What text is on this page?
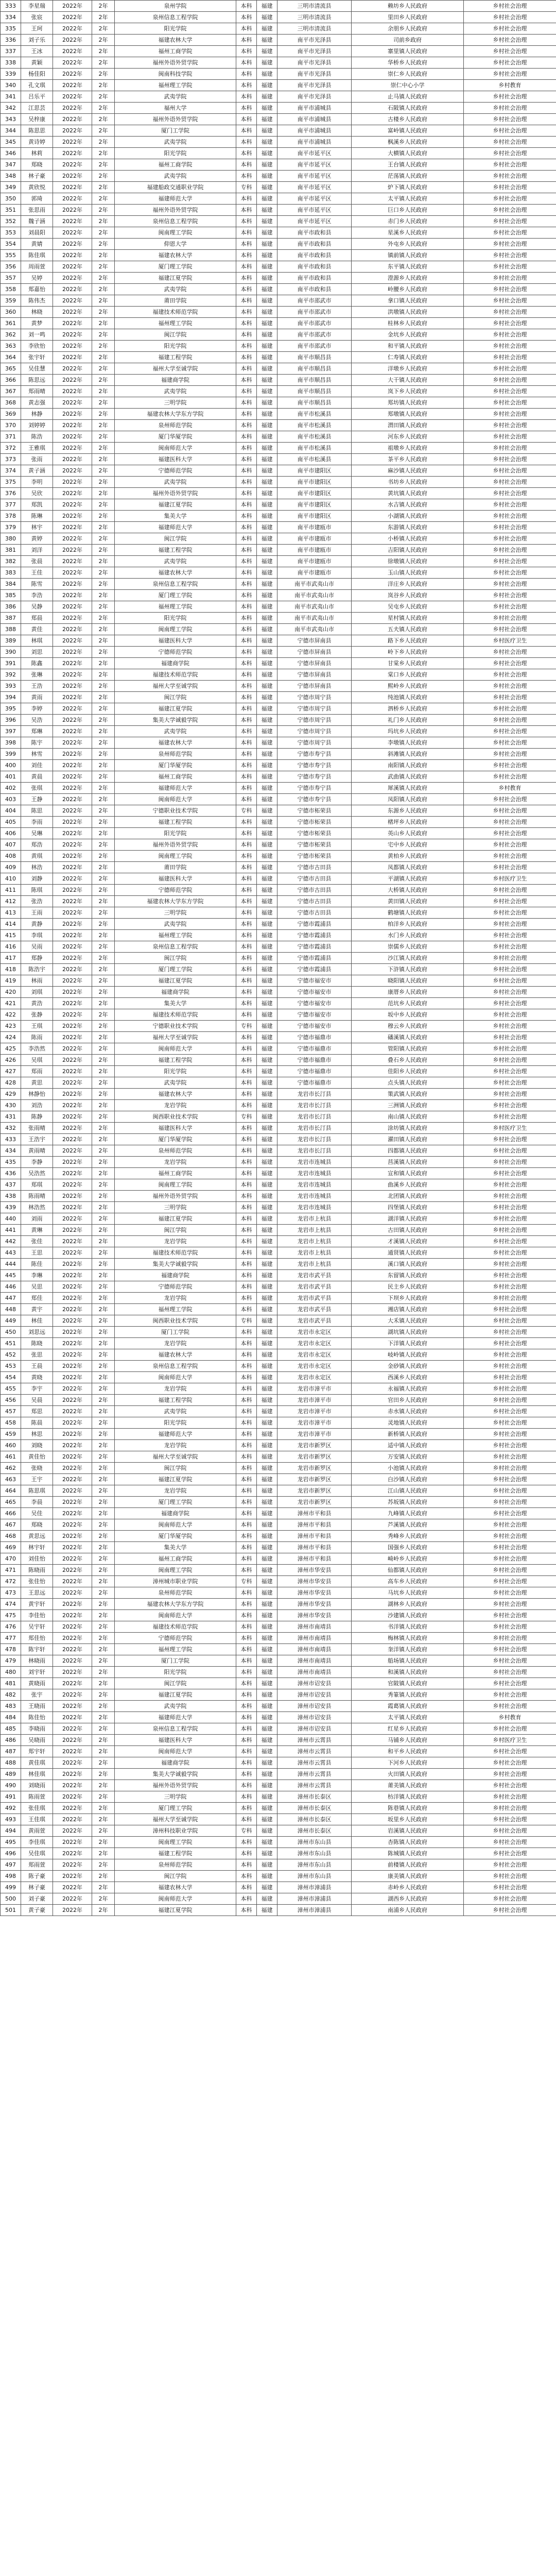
333	李星瑞	2022年	2年	泉州学院	本科	福建	三明市清流县	赖坊乡人民政府	乡村社会治理
334	张宸	2022年	2年	泉州信息工程学院	本科	福建	三明市清流县	里田乡人民政府	乡村社会治理
335	王珂	2022年	2年	阳光学院	本科	福建	三明市清流县	余朋乡人民政府	乡村社会治理
336	刘子乐	2022年	2年	福建农林大学	本科	福建	南平市光泽县	司前乡政府	乡村社会治理
337	王冰	2022年	2年	福州工商学院	本科	福建	南平市光泽县	寨里镇人民政府	乡村社会治理
338	黄颖	2022年	2年	福州外语外贸学院	本科	福建	南平市光泽县	华桥乡人民政府	乡村社会治理
339	杨佳阳	2022年	2年	闽南科技学院	本科	福建	南平市光泽县	崇仁乡人民政府	乡村社会治理
340	孔文琪	2022年	2年	福州理工学院	本科	福建	南平市光泽县	崇仁中心小学	乡村教育
341	吕乐平	2022年	2年	武夷学院	本科	福建	南平市光泽县	止马镇人民政府	乡村社会治理
342	江思芸	2022年	2年	福州大学	本科	福建	南平市浦城县	石陂镇人民政府	乡村社会治理
343	吴梓康	2022年	2年	福州外语外贸学院	本科	福建	南平市浦城县	古楼乡人民政府	乡村社会治理
344	陈思思	2022年	2年	厦门工学院	本科	福建	南平市浦城县	富岭镇人民政府	乡村社会治理
345	黄诗婷	2022年	2年	武夷学院	本科	福建	南平市浦城县	枫溪乡人民政府	乡村社会治理
346	林莉	2022年	2年	阳光学院	本科	福建	南平市延平区	大横镇人民政府	乡村社会治理
347	郑晓	2022年	2年	福州工商学院	本科	福建	南平市延平区	王台镇人民政府	乡村社会治理
348	林子豪	2022年	2年	武夷学院	本科	福建	南平市延平区	茫荡镇人民政府	乡村社会治理
349	黄欣悦	2022年	2年	福建船政交通职业学院	专科	福建	南平市延平区	炉下镇人民政府	乡村社会治理
350	郭琦	2022年	2年	福建师范大学	本科	福建	南平市延平区	太平镇人民政府	乡村社会治理
351	张思雨	2022年	2年	福州外语外贸学院	本科	福建	南平市延平区	巨口乡人民政府	乡村社会治理
352	魏子涵	2022年	2年	泉州信息工程学院	本科	福建	南平市延平区	赤门乡人民政府	乡村社会治理
353	刘晨阳	2022年	2年	闽南理工学院	本科	福建	南平市政和县	星溪乡人民政府	乡村社会治理
354	黄婧	2022年	2年	仰恩大学	本科	福建	南平市政和县	外屯乡人民政府	乡村社会治理
355	陈佳琪	2022年	2年	福建农林大学	本科	福建	南平市政和县	镇前镇人民政府	乡村社会治理
356	周雨萱	2022年	2年	厦门理工学院	本科	福建	南平市政和县	东平镇人民政府	乡村社会治理
357	吴婷	2022年	2年	福建江夏学院	本科	福建	南平市政和县	澄源乡人民政府	乡村社会治理
358	郑嘉怡	2022年	2年	武夷学院	本科	福建	南平市政和县	岭腰乡人民政府	乡村社会治理
359	陈伟杰	2022年	2年	莆田学院	本科	福建	南平市邵武市	拿口镇人民政府	乡村社会治理
360	林晓	2022年	2年	福建技术师范学院	本科	福建	南平市邵武市	洪墩镇人民政府	乡村社会治理
361	黄梦	2022年	2年	福州理工学院	本科	福建	南平市邵武市	桂林乡人民政府	乡村社会治理
362	刘一鸣	2022年	2年	闽江学院	本科	福建	南平市邵武市	金坑乡人民政府	乡村社会治理
363	李欣怡	2022年	2年	阳光学院	本科	福建	南平市邵武市	和平镇人民政府	乡村社会治理
364	张宇轩	2022年	2年	福建工程学院	本科	福建	南平市顺昌县	仁寿镇人民政府	乡村社会治理
365	吴佳慧	2022年	2年	福州大学至诚学院	本科	福建	南平市顺昌县	洋墩乡人民政府	乡村社会治理
366	陈思远	2022年	2年	福建商学院	本科	福建	南平市顺昌县	大干镇人民政府	乡村社会治理
367	郑雨晴	2022年	2年	武夷学院	本科	福建	南平市顺昌县	岚下乡人民政府	乡村社会治理
368	黄志强	2022年	2年	三明学院	本科	福建	南平市顺昌县	郑坊镇人民政府	乡村社会治理
369	林静	2022年	2年	福建农林大学东方学院	本科	福建	南平市松溪县	郑墩镇人民政府	乡村社会治理
370	刘婷婷	2022年	2年	泉州师范学院	本科	福建	南平市松溪县	渭田镇人民政府	乡村社会治理
371	陈浩	2022年	2年	厦门华厦学院	本科	福建	南平市松溪县	河东乡人民政府	乡村社会治理
372	王雅琪	2022年	2年	闽南师范大学	本科	福建	南平市松溪县	祖墩乡人民政府	乡村社会治理
373	张雨	2022年	2年	福建医科大学	本科	福建	南平市松溪县	茶平乡人民政府	乡村社会治理
374	黄子涵	2022年	2年	宁德师范学院	本科	福建	南平市建阳区	麻沙镇人民政府	乡村社会治理
375	李明	2022年	2年	武夷学院	本科	福建	南平市建阳区	书坊乡人民政府	乡村社会治理
376	吴欣	2022年	2年	福州外语外贸学院	本科	福建	南平市建阳区	黄坑镇人民政府	乡村社会治理
377	郑凯	2022年	2年	福建江夏学院	本科	福建	南平市建阳区	水吉镇人民政府	乡村社会治理
378	陈琳	2022年	2年	集美大学	本科	福建	南平市建阳区	小湖镇人民政府	乡村社会治理
379	林宇	2022年	2年	福建师范大学	本科	福建	南平市建瓯市	东游镇人民政府	乡村社会治理
380	黄婷	2022年	2年	闽江学院	本科	福建	南平市建瓯市	小桥镇人民政府	乡村社会治理
381	刘洋	2022年	2年	福建工程学院	本科	福建	南平市建瓯市	吉阳镇人民政府	乡村社会治理
382	张晨	2022年	2年	武夷学院	本科	福建	南平市建瓯市	徐墩镇人民政府	乡村社会治理
383	王佳	2022年	2年	福建农林大学	本科	福建	南平市建瓯市	玉山镇人民政府	乡村社会治理
384	陈雪	2022年	2年	泉州信息工程学院	本科	福建	南平市武夷山市	洋庄乡人民政府	乡村社会治理
385	李浩	2022年	2年	厦门理工学院	本科	福建	南平市武夷山市	岚谷乡人民政府	乡村社会治理
386	吴静	2022年	2年	福州理工学院	本科	福建	南平市武夷山市	吴屯乡人民政府	乡村社会治理
387	郑晨	2022年	2年	阳光学院	本科	福建	南平市武夷山市	星村镇人民政府	乡村社会治理
388	黄佳	2022年	2年	闽南理工学院	本科	福建	南平市武夷山市	五夫镇人民政府	乡村社会治理
389	林琪	2022年	2年	福建医科大学	本科	福建	宁德市屏南县	路下乡人民政府	乡村医疗卫生
390	刘思	2022年	2年	宁德师范学院	本科	福建	宁德市屏南县	岭下乡人民政府	乡村社会治理
391	陈鑫	2022年	2年	福建商学院	本科	福建	宁德市屏南县	甘棠乡人民政府	乡村社会治理
392	张琳	2022年	2年	福建技术师范学院	本科	福建	宁德市屏南县	棠口乡人民政府	乡村社会治理
393	王浩	2022年	2年	福州大学至诚学院	本科	福建	宁德市屏南县	熙岭乡人民政府	乡村社会治理
394	黄雨	2022年	2年	闽江学院	本科	福建	宁德市周宁县	纯池镇人民政府	乡村社会治理
395	李婷	2022年	2年	福建江夏学院	本科	福建	宁德市周宁县	泗桥乡人民政府	乡村社会治理
396	吴浩	2022年	2年	集美大学诚毅学院	本科	福建	宁德市周宁县	礼门乡人民政府	乡村社会治理
397	郑琳	2022年	2年	武夷学院	本科	福建	宁德市周宁县	玛坑乡人民政府	乡村社会治理
398	陈宇	2022年	2年	福建农林大学	本科	福建	宁德市周宁县	李墩镇人民政府	乡村社会治理
399	林雪	2022年	2年	泉州师范学院	本科	福建	宁德市寿宁县	斜滩镇人民政府	乡村社会治理
400	刘佳	2022年	2年	厦门华厦学院	本科	福建	宁德市寿宁县	南阳镇人民政府	乡村社会治理
401	黄晨	2022年	2年	福州工商学院	本科	福建	宁德市寿宁县	武曲镇人民政府	乡村社会治理
402	张琪	2022年	2年	福建师范大学	本科	福建	宁德市寿宁县	犀溪镇人民政府	乡村教育
403	王静	2022年	2年	闽南师范大学	本科	福建	宁德市寿宁县	凤阳镇人民政府	乡村社会治理
404	陈思	2022年	2年	宁德职业技术学院	专科	福建	宁德市柘荣县	东源乡人民政府	乡村社会治理
405	李雨	2022年	2年	福建工程学院	本科	福建	宁德市柘荣县	楮坪乡人民政府	乡村社会治理
406	吴琳	2022年	2年	阳光学院	本科	福建	宁德市柘荣县	英山乡人民政府	乡村社会治理
407	郑浩	2022年	2年	福州外语外贸学院	本科	福建	宁德市柘荣县	宅中乡人民政府	乡村社会治理
408	黄琪	2022年	2年	闽南理工学院	本科	福建	宁德市柘荣县	黄柏乡人民政府	乡村社会治理
409	林浩	2022年	2年	莆田学院	本科	福建	宁德市古田县	凤都镇人民政府	乡村社会治理
410	刘静	2022年	2年	福建医科大学	本科	福建	宁德市古田县	平湖镇人民政府	乡村医疗卫生
411	陈琪	2022年	2年	宁德师范学院	本科	福建	宁德市古田县	大桥镇人民政府	乡村社会治理
412	张浩	2022年	2年	福建农林大学东方学院	本科	福建	宁德市古田县	黄田镇人民政府	乡村社会治理
413	王雨	2022年	2年	三明学院	本科	福建	宁德市古田县	鹤塘镇人民政府	乡村社会治理
414	黄静	2022年	2年	武夷学院	本科	福建	宁德市霞浦县	柏洋乡人民政府	乡村社会治理
415	李琪	2022年	2年	福州理工学院	本科	福建	宁德市霞浦县	水门乡人民政府	乡村社会治理
416	吴雨	2022年	2年	泉州信息工程学院	本科	福建	宁德市霞浦县	崇儒乡人民政府	乡村社会治理
417	郑静	2022年	2年	闽江学院	本科	福建	宁德市霞浦县	沙江镇人民政府	乡村社会治理
418	陈浩宇	2022年	2年	厦门理工学院	本科	福建	宁德市霞浦县	下浒镇人民政府	乡村社会治理
419	林雨	2022年	2年	福建江夏学院	本科	福建	宁德市福安市	晓阳镇人民政府	乡村社会治理
420	刘琪	2022年	2年	福建商学院	本科	福建	宁德市福安市	康厝乡人民政府	乡村社会治理
421	黄浩	2022年	2年	集美大学	本科	福建	宁德市福安市	范坑乡人民政府	乡村社会治理
422	张静	2022年	2年	福建技术师范学院	本科	福建	宁德市福安市	坂中乡人民政府	乡村社会治理
423	王琪	2022年	2年	宁德职业技术学院	专科	福建	宁德市福安市	穆云乡人民政府	乡村社会治理
424	陈雨	2022年	2年	福州大学至诚学院	本科	福建	宁德市福鼎市	磻溪镇人民政府	乡村社会治理
425	李浩然	2022年	2年	闽南师范大学	本科	福建	宁德市福鼎市	管阳镇人民政府	乡村社会治理
426	吴琪	2022年	2年	福建工程学院	本科	福建	宁德市福鼎市	叠石乡人民政府	乡村社会治理
427	郑雨	2022年	2年	阳光学院	本科	福建	宁德市福鼎市	佳阳乡人民政府	乡村社会治理
428	黄思	2022年	2年	武夷学院	本科	福建	宁德市福鼎市	点头镇人民政府	乡村社会治理
429	林静怡	2022年	2年	福建农林大学	本科	福建	龙岩市长汀县	策武镇人民政府	乡村社会治理
430	刘浩	2022年	2年	龙岩学院	本科	福建	龙岩市长汀县	三洲镇人民政府	乡村社会治理
431	陈静	2022年	2年	闽西职业技术学院	专科	福建	龙岩市长汀县	南山镇人民政府	乡村社会治理
432	张雨晴	2022年	2年	福建医科大学	本科	福建	龙岩市长汀县	涂坊镇人民政府	乡村医疗卫生
433	王浩宇	2022年	2年	厦门华厦学院	本科	福建	龙岩市长汀县	濯田镇人民政府	乡村社会治理
434	黄雨晴	2022年	2年	泉州师范学院	本科	福建	龙岩市长汀县	四都镇人民政府	乡村社会治理
435	李静	2022年	2年	龙岩学院	本科	福建	龙岩市连城县	莒溪镇人民政府	乡村社会治理
436	吴浩然	2022年	2年	福州工商学院	本科	福建	龙岩市连城县	宣和镇人民政府	乡村社会治理
437	郑琪	2022年	2年	闽南理工学院	本科	福建	龙岩市连城县	曲溪乡人民政府	乡村社会治理
438	陈雨晴	2022年	2年	福州外语外贸学院	本科	福建	龙岩市连城县	北团镇人民政府	乡村社会治理
439	林浩然	2022年	2年	三明学院	本科	福建	龙岩市连城县	四堡镇人民政府	乡村社会治理
440	刘雨	2022年	2年	福建江夏学院	本科	福建	龙岩市上杭县	湖洋镇人民政府	乡村社会治理
441	黄琳	2022年	2年	闽江学院	本科	福建	龙岩市上杭县	古田镇人民政府	乡村社会治理
442	张佳	2022年	2年	龙岩学院	本科	福建	龙岩市上杭县	才溪镇人民政府	乡村社会治理
443	王思	2022年	2年	福建技术师范学院	本科	福建	龙岩市上杭县	通贤镇人民政府	乡村社会治理
444	陈佳	2022年	2年	集美大学诚毅学院	本科	福建	龙岩市上杭县	溪口镇人民政府	乡村社会治理
445	李琳	2022年	2年	福建商学院	本科	福建	龙岩市武平县	东留镇人民政府	乡村社会治理
446	吴思	2022年	2年	宁德师范学院	本科	福建	龙岩市武平县	民主乡人民政府	乡村社会治理
447	郑佳	2022年	2年	龙岩学院	本科	福建	龙岩市武平县	下坝乡人民政府	乡村社会治理
448	黄宇	2022年	2年	福州理工学院	本科	福建	龙岩市武平县	湘店镇人民政府	乡村社会治理
449	林佳	2022年	2年	闽西职业技术学院	专科	福建	龙岩市武平县	大禾镇人民政府	乡村社会治理
450	刘思远	2022年	2年	厦门工学院	本科	福建	龙岩市永定区	湖坑镇人民政府	乡村社会治理
451	陈晓	2022年	2年	龙岩学院	本科	福建	龙岩市永定区	下洋镇人民政府	乡村社会治理
452	张思	2022年	2年	福建农林大学	本科	福建	龙岩市永定区	岐岭镇人民政府	乡村社会治理
453	王晨	2022年	2年	泉州信息工程学院	本科	福建	龙岩市永定区	金砂镇人民政府	乡村社会治理
454	黄晓	2022年	2年	闽南师范大学	本科	福建	龙岩市永定区	西溪乡人民政府	乡村社会治理
455	李宇	2022年	2年	龙岩学院	本科	福建	龙岩市漳平市	永福镇人民政府	乡村社会治理
456	吴晨	2022年	2年	福建工程学院	本科	福建	龙岩市漳平市	官田乡人民政府	乡村社会治理
457	郑思	2022年	2年	武夷学院	本科	福建	龙岩市漳平市	赤水镇人民政府	乡村社会治理
458	陈晨	2022年	2年	阳光学院	本科	福建	龙岩市漳平市	灵地镇人民政府	乡村社会治理
459	林思	2022年	2年	福建师范大学	本科	福建	龙岩市漳平市	新桥镇人民政府	乡村社会治理
460	刘晓	2022年	2年	龙岩学院	本科	福建	龙岩市新罗区	适中镇人民政府	乡村社会治理
461	黄佳怡	2022年	2年	福州大学至诚学院	本科	福建	龙岩市新罗区	万安镇人民政府	乡村社会治理
462	张晓	2022年	2年	闽江学院	本科	福建	龙岩市新罗区	小池镇人民政府	乡村社会治理
463	王宇	2022年	2年	福建江夏学院	本科	福建	龙岩市新罗区	白沙镇人民政府	乡村社会治理
464	陈思琪	2022年	2年	龙岩学院	本科	福建	龙岩市新罗区	江山镇人民政府	乡村社会治理
465	李晨	2022年	2年	厦门理工学院	本科	福建	龙岩市新罗区	苏坂镇人民政府	乡村社会治理
466	吴佳	2022年	2年	福建商学院	本科	福建	漳州市平和县	九峰镇人民政府	乡村社会治理
467	郑晓	2022年	2年	闽南师范大学	本科	福建	漳州市平和县	芦溪镇人民政府	乡村社会治理
468	黄思远	2022年	2年	厦门华厦学院	本科	福建	漳州市平和县	秀峰乡人民政府	乡村社会治理
469	林宇轩	2022年	2年	集美大学	本科	福建	漳州市平和县	国强乡人民政府	乡村社会治理
470	刘佳怡	2022年	2年	福州工商学院	本科	福建	漳州市平和县	崎岭乡人民政府	乡村社会治理
471	陈晓雨	2022年	2年	闽南理工学院	本科	福建	漳州市华安县	仙都镇人民政府	乡村社会治理
472	张佳怡	2022年	2年	漳州城市职业学院	专科	福建	漳州市华安县	高车乡人民政府	乡村社会治理
473	王思远	2022年	2年	泉州师范学院	本科	福建	漳州市华安县	马坑乡人民政府	乡村社会治理
474	黄宇轩	2022年	2年	福建农林大学东方学院	本科	福建	漳州市华安县	湖林乡人民政府	乡村社会治理
475	李佳怡	2022年	2年	闽南师范大学	本科	福建	漳州市华安县	沙建镇人民政府	乡村社会治理
476	吴宇轩	2022年	2年	福建技术师范学院	本科	福建	漳州市南靖县	书洋镇人民政府	乡村社会治理
477	郑佳怡	2022年	2年	宁德师范学院	本科	福建	漳州市南靖县	梅林镇人民政府	乡村社会治理
478	陈宇轩	2022年	2年	福州理工学院	本科	福建	漳州市南靖县	奎洋镇人民政府	乡村社会治理
479	林晓雨	2022年	2年	厦门工学院	本科	福建	漳州市南靖县	船场镇人民政府	乡村社会治理
480	刘宇轩	2022年	2年	阳光学院	本科	福建	漳州市南靖县	和溪镇人民政府	乡村社会治理
481	黄晓雨	2022年	2年	闽江学院	本科	福建	漳州市诏安县	官陂镇人民政府	乡村社会治理
482	张宇	2022年	2年	福建江夏学院	本科	福建	漳州市诏安县	秀篆镇人民政府	乡村社会治理
483	王晓雨	2022年	2年	武夷学院	本科	福建	漳州市诏安县	霞葛镇人民政府	乡村社会治理
484	陈佳怡	2022年	2年	福建师范大学	本科	福建	漳州市诏安县	太平镇人民政府	乡村教育
485	李晓雨	2022年	2年	泉州信息工程学院	本科	福建	漳州市诏安县	红星乡人民政府	乡村社会治理
486	吴晓雨	2022年	2年	福建医科大学	本科	福建	漳州市云霄县	马铺乡人民政府	乡村医疗卫生
487	郑宇轩	2022年	2年	闽南师范大学	本科	福建	漳州市云霄县	和平乡人民政府	乡村社会治理
488	黄佳琪	2022年	2年	福建商学院	本科	福建	漳州市云霄县	下河乡人民政府	乡村社会治理
489	林佳琪	2022年	2年	集美大学诚毅学院	本科	福建	漳州市云霄县	火田镇人民政府	乡村社会治理
490	刘晓雨	2022年	2年	福州外语外贸学院	本科	福建	漳州市云霄县	莆美镇人民政府	乡村社会治理
491	陈雨萱	2022年	2年	三明学院	本科	福建	漳州市长泰区	枋洋镇人民政府	乡村社会治理
492	张佳琪	2022年	2年	厦门理工学院	本科	福建	漳州市长泰区	陈巷镇人民政府	乡村社会治理
493	王佳琪	2022年	2年	福州大学至诚学院	本科	福建	漳州市长泰区	坂里乡人民政府	乡村社会治理
494	黄雨萱	2022年	2年	漳州科技职业学院	专科	福建	漳州市长泰区	岩溪镇人民政府	乡村社会治理
495	李佳琪	2022年	2年	闽南理工学院	本科	福建	漳州市东山县	杏陈镇人民政府	乡村社会治理
496	吴佳琪	2022年	2年	福建工程学院	本科	福建	漳州市东山县	陈城镇人民政府	乡村社会治理
497	郑雨萱	2022年	2年	泉州师范学院	本科	福建	漳州市东山县	前楼镇人民政府	乡村社会治理
498	陈子豪	2022年	2年	闽江学院	本科	福建	漳州市东山县	康美镇人民政府	乡村社会治理
499	林子豪	2022年	2年	福建农林大学	本科	福建	漳州市漳浦县	赤岭乡人民政府	乡村社会治理
500	刘子豪	2022年	2年	闽南师范大学	本科	福建	漳州市漳浦县	湖西乡人民政府	乡村社会治理
501	黄子豪	2022年	2年	福建江夏学院	本科	福建	漳州市漳浦县	南浦乡人民政府	乡村社会治理
